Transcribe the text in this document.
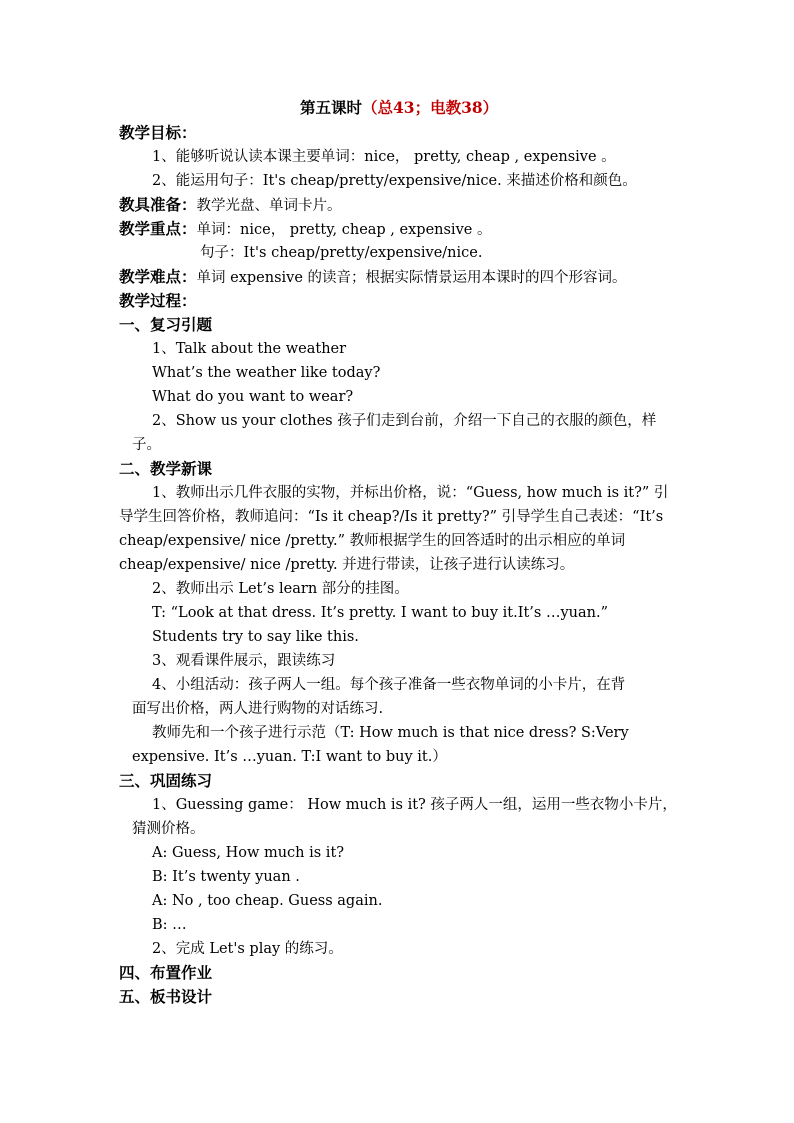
第五课时（总43；电教38）
教学目标：
1、能够听说认读本课主要单词：nice， pretty, cheap , expensive 。
2、能运用句子：It's cheap/pretty/expensive/nice. 来描述价格和颜色。
教具准备：教学光盘、单词卡片。
教学重点：单词：nice， pretty, cheap , expensive 。
句子：It's cheap/pretty/expensive/nice.
教学难点：单词 expensive 的读音；根据实际情景运用本课时的四个形容词。
教学过程：
一、复习引题
1、Talk about the weather
What’s the weather like today?
What do you want to wear?
2、Show us your clothes 孩子们走到台前，介绍一下自己的衣服的颜色，样
子。
二、教学新课
1、教师出示几件衣服的实物，并标出价格，说：“Guess, how much is it?” 引
导学生回答价格，教师追问：“Is it cheap?/Is it pretty?” 引导学生自己表述：“It’s
cheap/expensive/ nice /pretty.” 教师根据学生的回答适时的出示相应的单词
cheap/expensive/ nice /pretty. 并进行带读，让孩子进行认读练习。
2、教师出示 Let’s learn 部分的挂图。
T: “Look at that dress. It’s pretty. I want to buy it.It’s …yuan.”
Students try to say like this.
3、观看课件展示，跟读练习
4、小组活动：孩子两人一组。每个孩子准备一些衣物单词的小卡片，在背
面写出价格，两人进行购物的对话练习.
教师先和一个孩子进行示范（T: How much is that nice dress? S:Very
expensive. It’s …yuan. T:I want to buy it.）
三、巩固练习
1、Guessing game： How much is it? 孩子两人一组，运用一些衣物小卡片，
猜测价格。
A: Guess, How much is it?
B: It’s twenty yuan .
A: No , too cheap. Guess again.
B: …
2、完成 Let's play 的练习。
四、布置作业
五、板书设计
